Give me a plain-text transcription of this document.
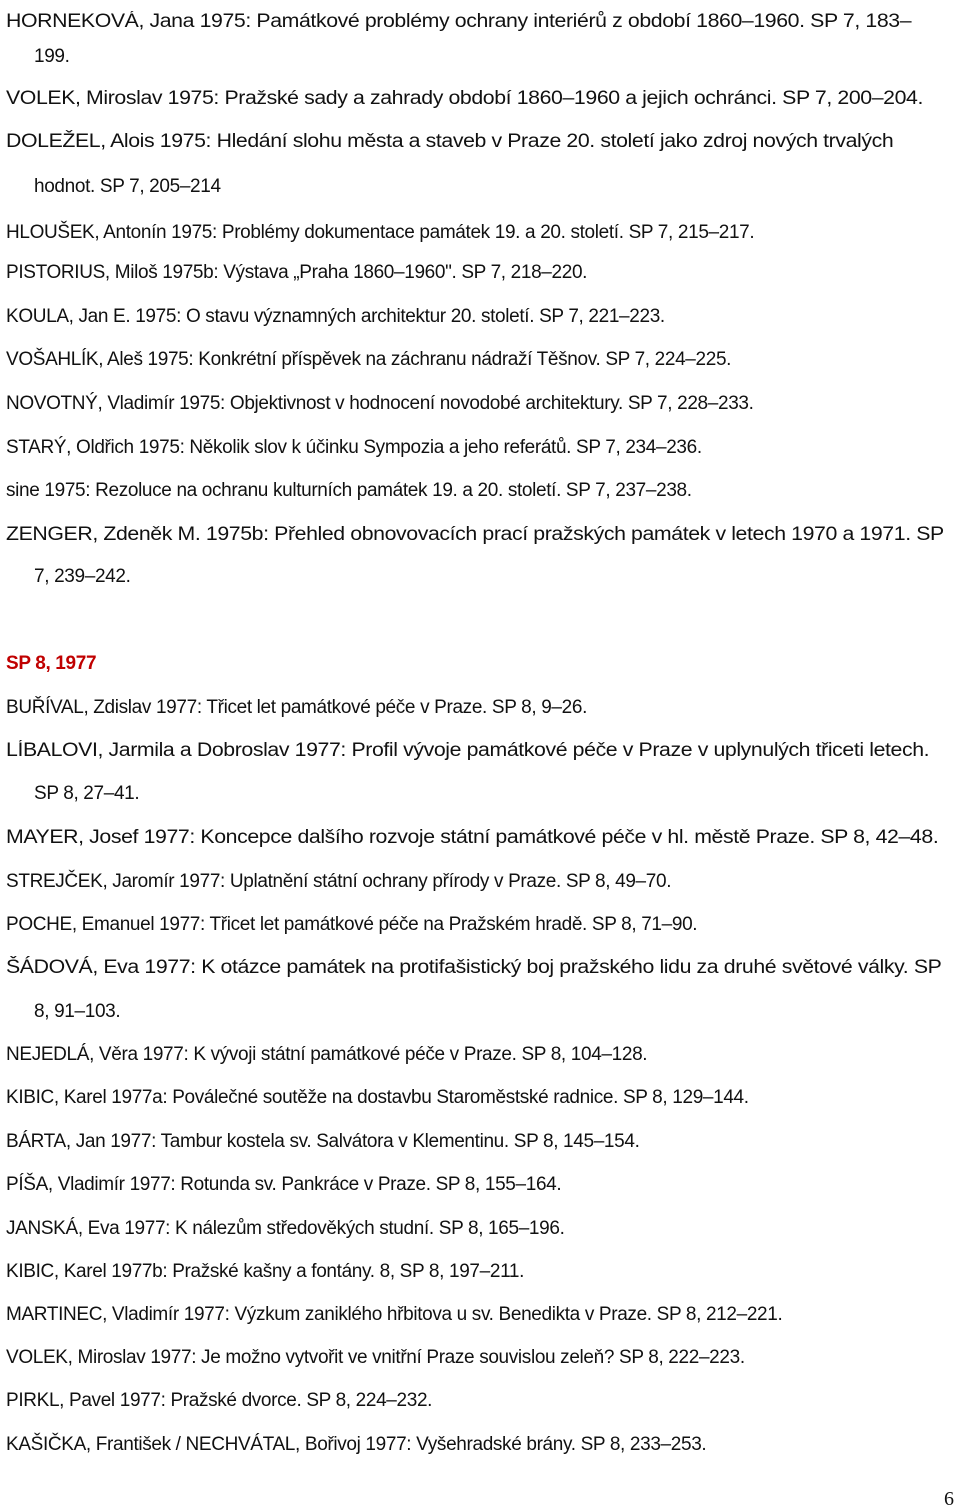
HORNEKOVÁ, Jana 1975: Památkové problémy ochrany interiérů z období 1860–1960. SP 7, 183–
199.
VOLEK, Miroslav 1975: Pražské sady a zahrady období 1860–1960 a jejich ochránci. SP 7, 200–204.
DOLEŽEL, Alois 1975: Hledání slohu města a staveb v Praze 20. století jako zdroj nových trvalých
hodnot. SP 7, 205–214
HLOUŠEK, Antonín 1975: Problémy dokumentace památek 19. a 20. století. SP 7, 215–217.
PISTORIUS, Miloš 1975b: Výstava „Praha 1860–1960". SP 7, 218–220.
KOULA, Jan E. 1975: O stavu významných architektur 20. století. SP 7, 221–223.
VOŠAHLÍK, Aleš 1975: Konkrétní příspěvek na záchranu nádraží Těšnov. SP 7, 224–225.
NOVOTNÝ, Vladimír 1975: Objektivnost v hodnocení novodobé architektury. SP 7, 228–233.
STARÝ, Oldřich 1975: Několik slov k účinku Sympozia a jeho referátů. SP 7, 234–236.
sine 1975: Rezoluce na ochranu kulturních památek 19. a 20. století. SP 7, 237–238.
ZENGER, Zdeněk M. 1975b: Přehled obnovovacích prací pražských památek v letech 1970 a 1971. SP
7, 239–242.
SP 8, 1977
BUŘÍVAL, Zdislav 1977: Třicet let památkové péče v Praze. SP 8, 9–26.
LÍBALOVI, Jarmila a Dobroslav 1977: Profil vývoje památkové péče v Praze v uplynulých třiceti letech.
SP 8, 27–41.
MAYER, Josef 1977: Koncepce dalšího rozvoje státní památkové péče v hl. městě Praze. SP 8, 42–48.
STREJČEK, Jaromír 1977: Uplatnění státní ochrany přírody v Praze. SP 8, 49–70.
POCHE, Emanuel 1977: Třicet let památkové péče na Pražském hradě. SP 8, 71–90.
ŠÁDOVÁ, Eva 1977: K otázce památek na protifašistický boj pražského lidu za druhé světové války. SP
8, 91–103.
NEJEDLÁ, Věra 1977: K vývoji státní památkové péče v Praze. SP 8, 104–128.
KIBIC, Karel 1977a: Poválečné soutěže na dostavbu Staroměstské radnice. SP 8, 129–144.
BÁRTA, Jan 1977: Tambur kostela sv. Salvátora v Klementinu. SP 8, 145–154.
PÍŠA, Vladimír 1977: Rotunda sv. Pankráce v Praze. SP 8, 155–164.
JANSKÁ, Eva 1977: K nálezům středověkých studní. SP 8, 165–196.
KIBIC, Karel 1977b: Pražské kašny a fontány. 8, SP 8, 197–211.
MARTINEC, Vladimír 1977: Výzkum zaniklého hřbitova u sv. Benedikta v Praze. SP 8, 212–221.
VOLEK, Miroslav 1977: Je možno vytvořit ve vnitřní Praze souvislou zeleň? SP 8, 222–223.
PIRKL, Pavel 1977: Pražské dvorce. SP 8, 224–232.
KAŠIČKA, František / NECHVÁTAL, Bořivoj 1977: Vyšehradské brány. SP 8, 233–253.
6
